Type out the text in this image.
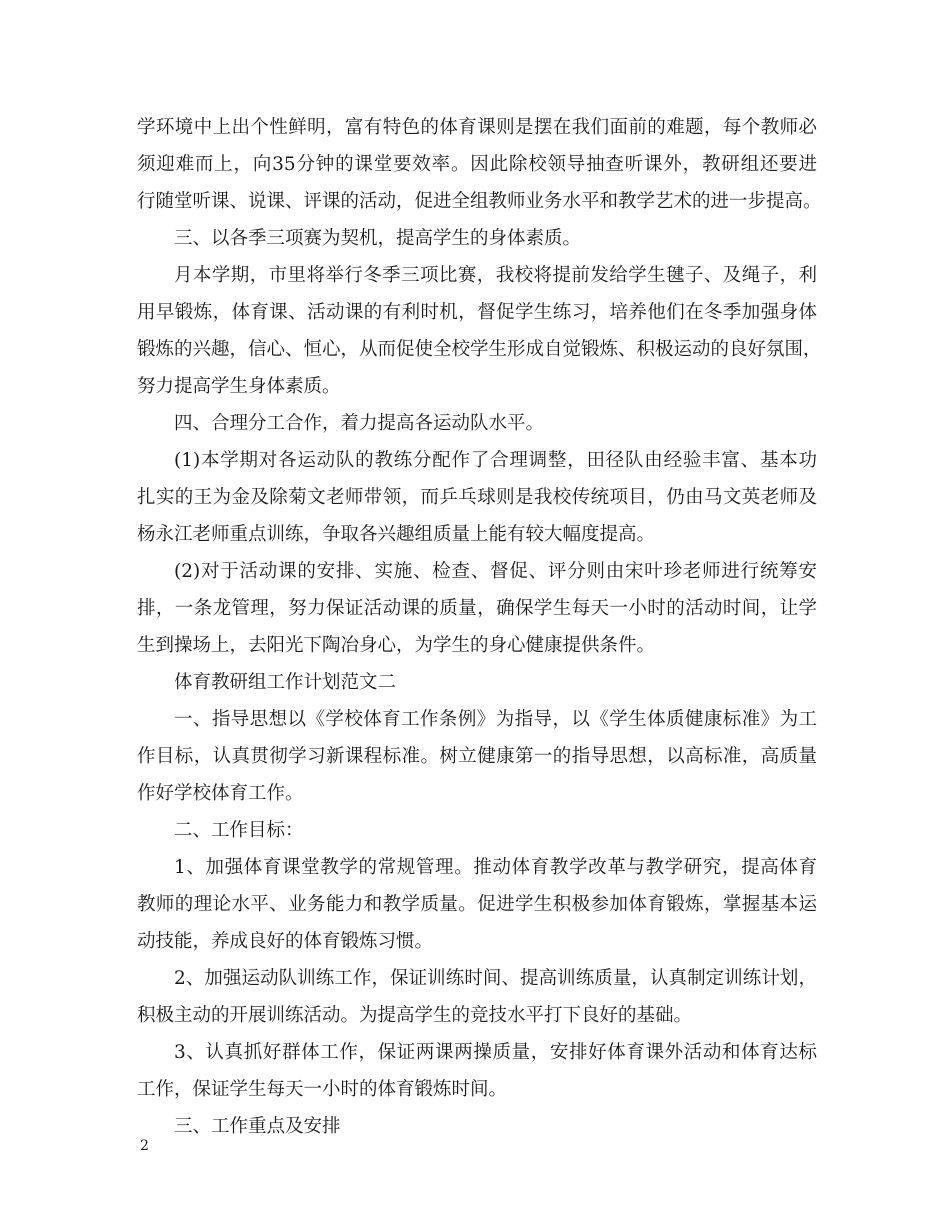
学环境中上出个性鲜明，富有特色的体育课则是摆在我们面前的难题，每个教师必
须迎难而上，向35分钟的课堂要效率。因此除校领导抽查听课外，教研组还要进
行随堂听课、说课、评课的活动，促进全组教师业务水平和教学艺术的进一步提高。
三、以各季三项赛为契机，提高学生的身体素质。
月本学期，市里将举行冬季三项比赛，我校将提前发给学生毽子、及绳子，利
用早锻炼，体育课、活动课的有利时机，督促学生练习，培养他们在冬季加强身体
锻炼的兴趣，信心、恒心，从而促使全校学生形成自觉锻炼、积极运动的良好氛围，
努力提高学生身体素质。
四、合理分工合作，着力提高各运动队水平。
(1)本学期对各运动队的教练分配作了合理调整，田径队由经验丰富、基本功
扎实的王为金及除菊文老师带领，而乒乓球则是我校传统项目，仍由马文英老师及
杨永江老师重点训练，争取各兴趣组质量上能有较大幅度提高。
(2)对于活动课的安排、实施、检查、督促、评分则由宋叶珍老师进行统筹安
排，一条龙管理，努力保证活动课的质量，确保学生每天一小时的活动时间，让学
生到操场上，去阳光下陶冶身心，为学生的身心健康提供条件。
体育教研组工作计划范文二
一、指导思想以《学校体育工作条例》为指导，以《学生体质健康标准》为工
作目标，认真贯彻学习新课程标准。树立健康第一的指导思想，以高标准，高质量
作好学校体育工作。
二、工作目标：
1、加强体育课堂教学的常规管理。推动体育教学改革与教学研究，提高体育
教师的理论水平、业务能力和教学质量。促进学生积极参加体育锻炼，掌握基本运
动技能，养成良好的体育锻炼习惯。
2、加强运动队训练工作，保证训练时间、提高训练质量，认真制定训练计划，
积极主动的开展训练活动。为提高学生的竞技水平打下良好的基础。
3、认真抓好群体工作，保证两课两操质量，安排好体育课外活动和体育达标
工作，保证学生每天一小时的体育锻炼时间。
三、工作重点及安排
2
